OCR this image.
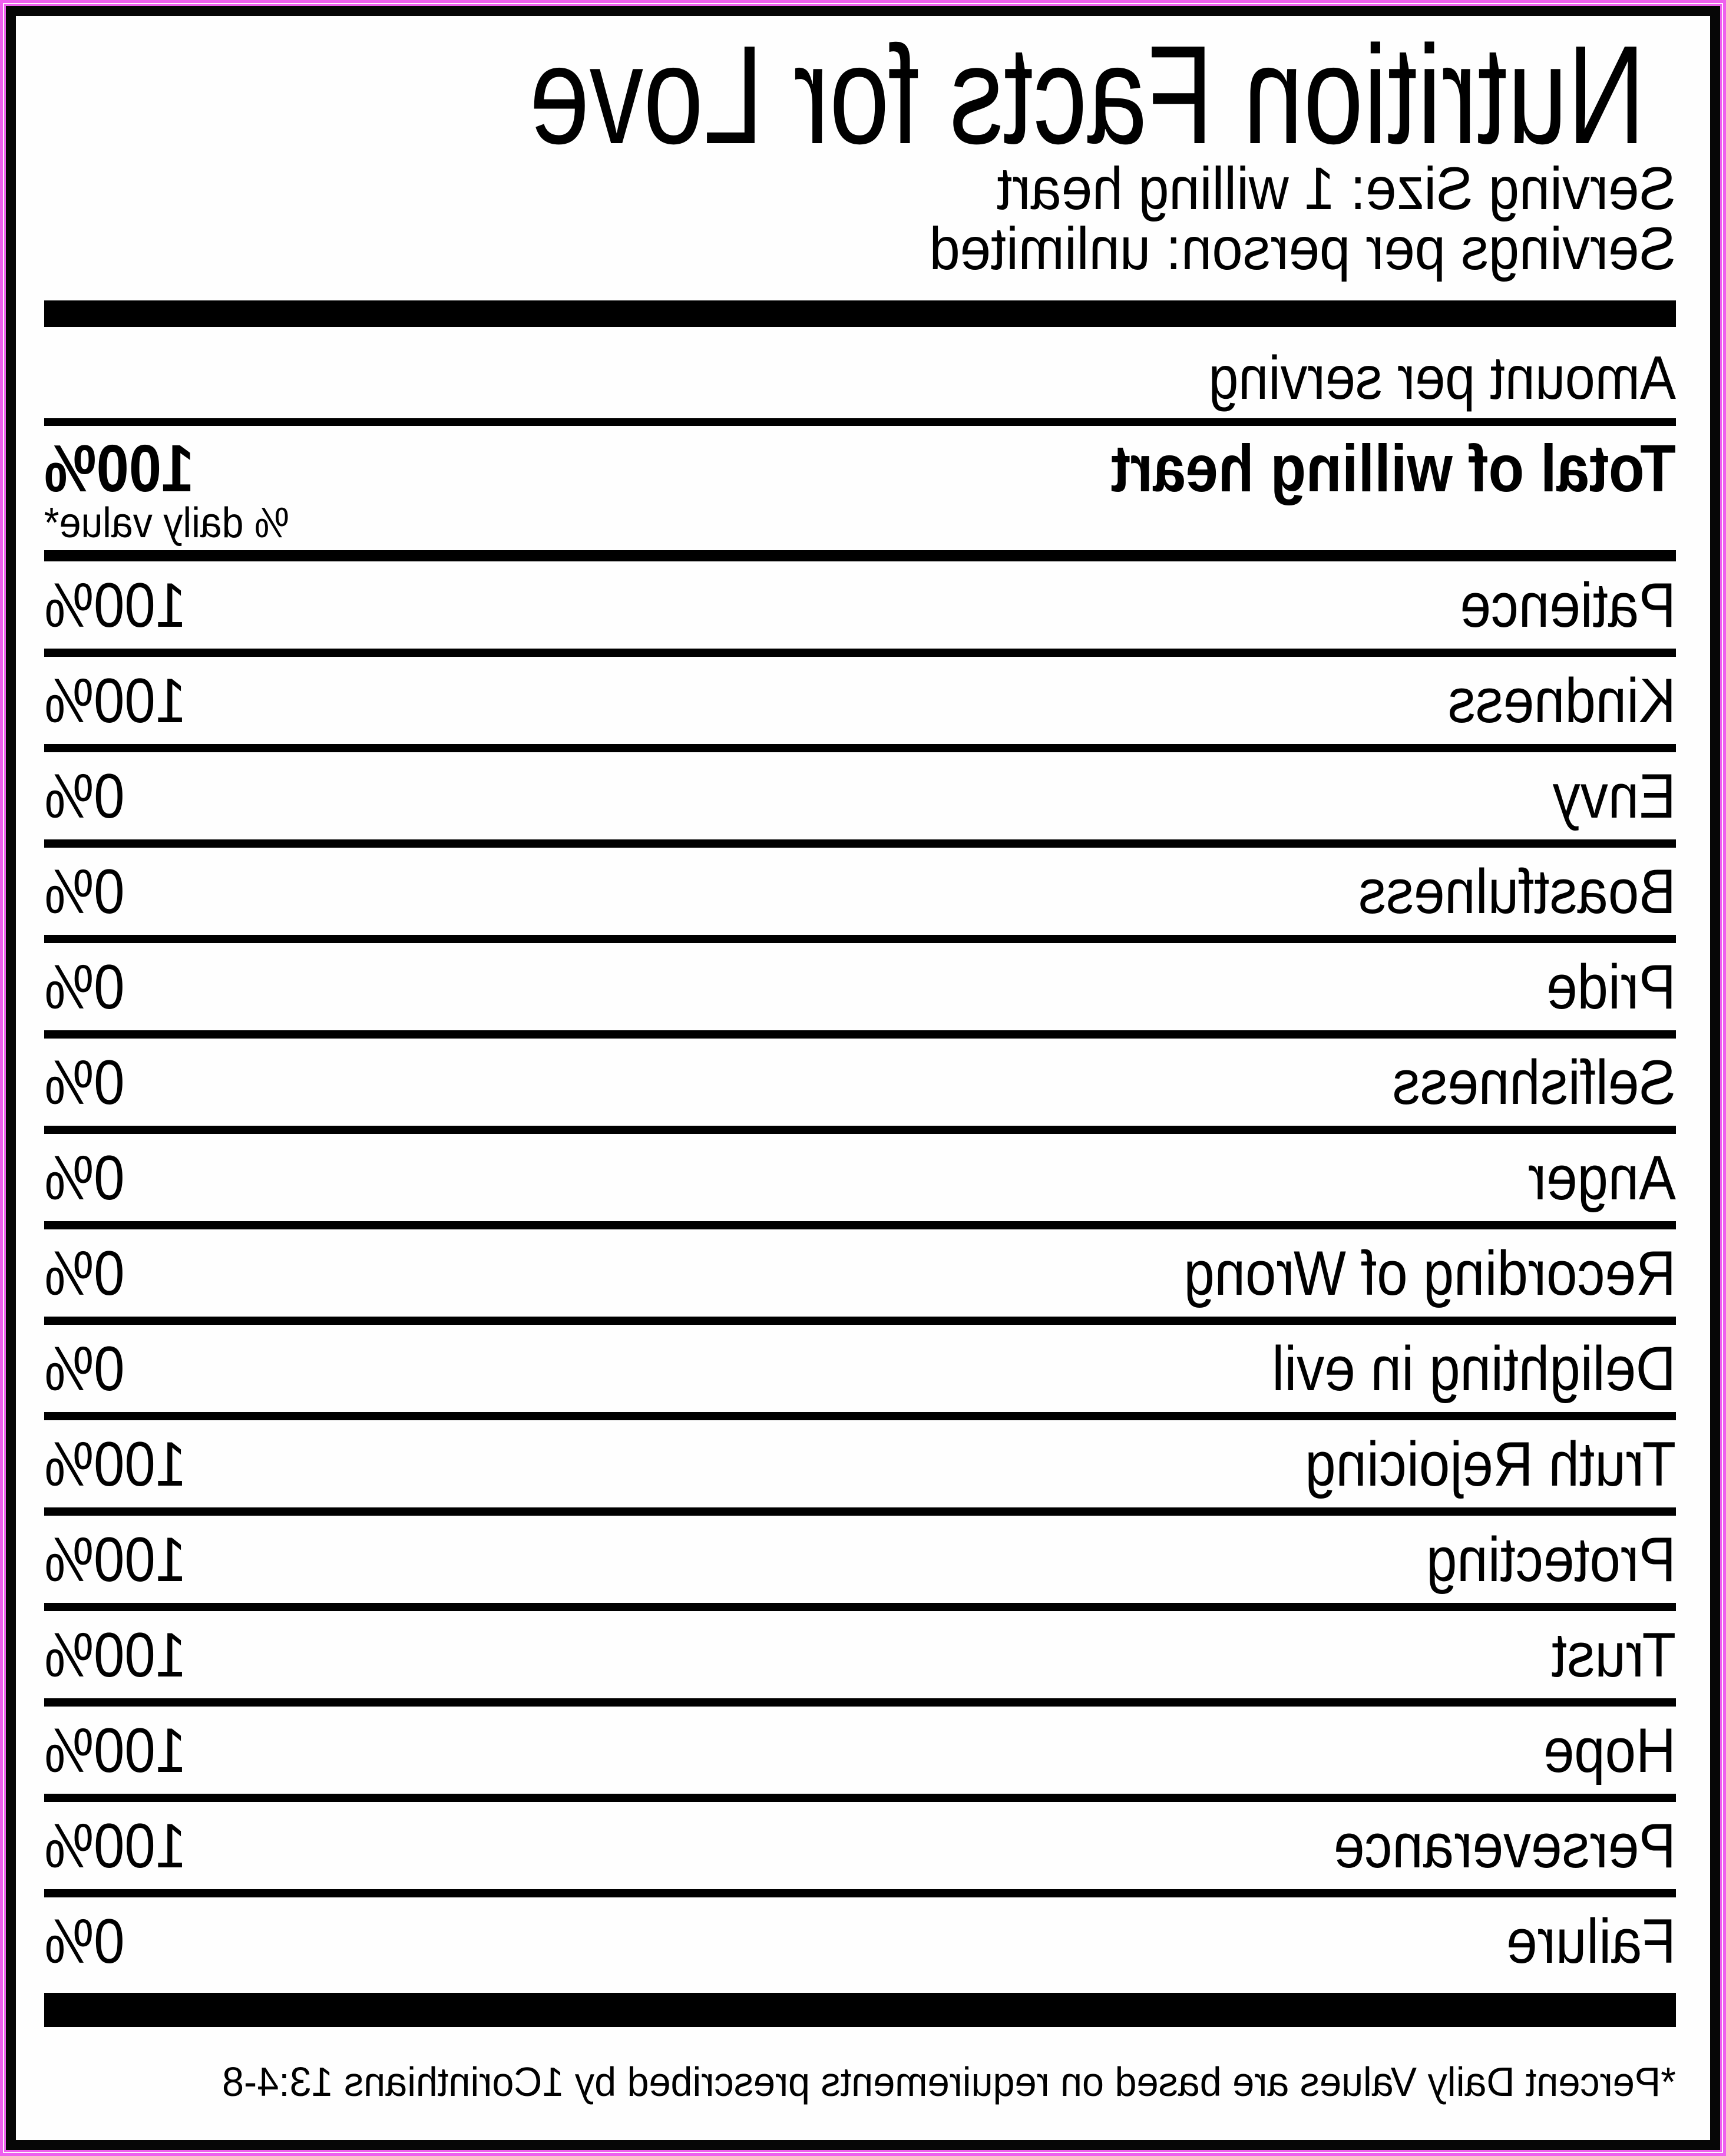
Nutrition Facts for Love
Serving Size: 1 willing heart
Servings per person: unlimited
Amount per serving
Total of willing heart
100%
% daily value*
Patience
100%
Kindness
100%
Envy
0%
Boastfulness
0%
Pride
0%
Selfishness
0%
Anger
0%
Recording of Wrong
0%
Delighting in evil
0%
Truth Rejoicing
100%
Protecting
100%
Trust
100%
Hope
100%
Perseverance
100%
Failure
0%
*Percent Daily Values are based on requirements prescribed by 1Corinthians 13:4-8
